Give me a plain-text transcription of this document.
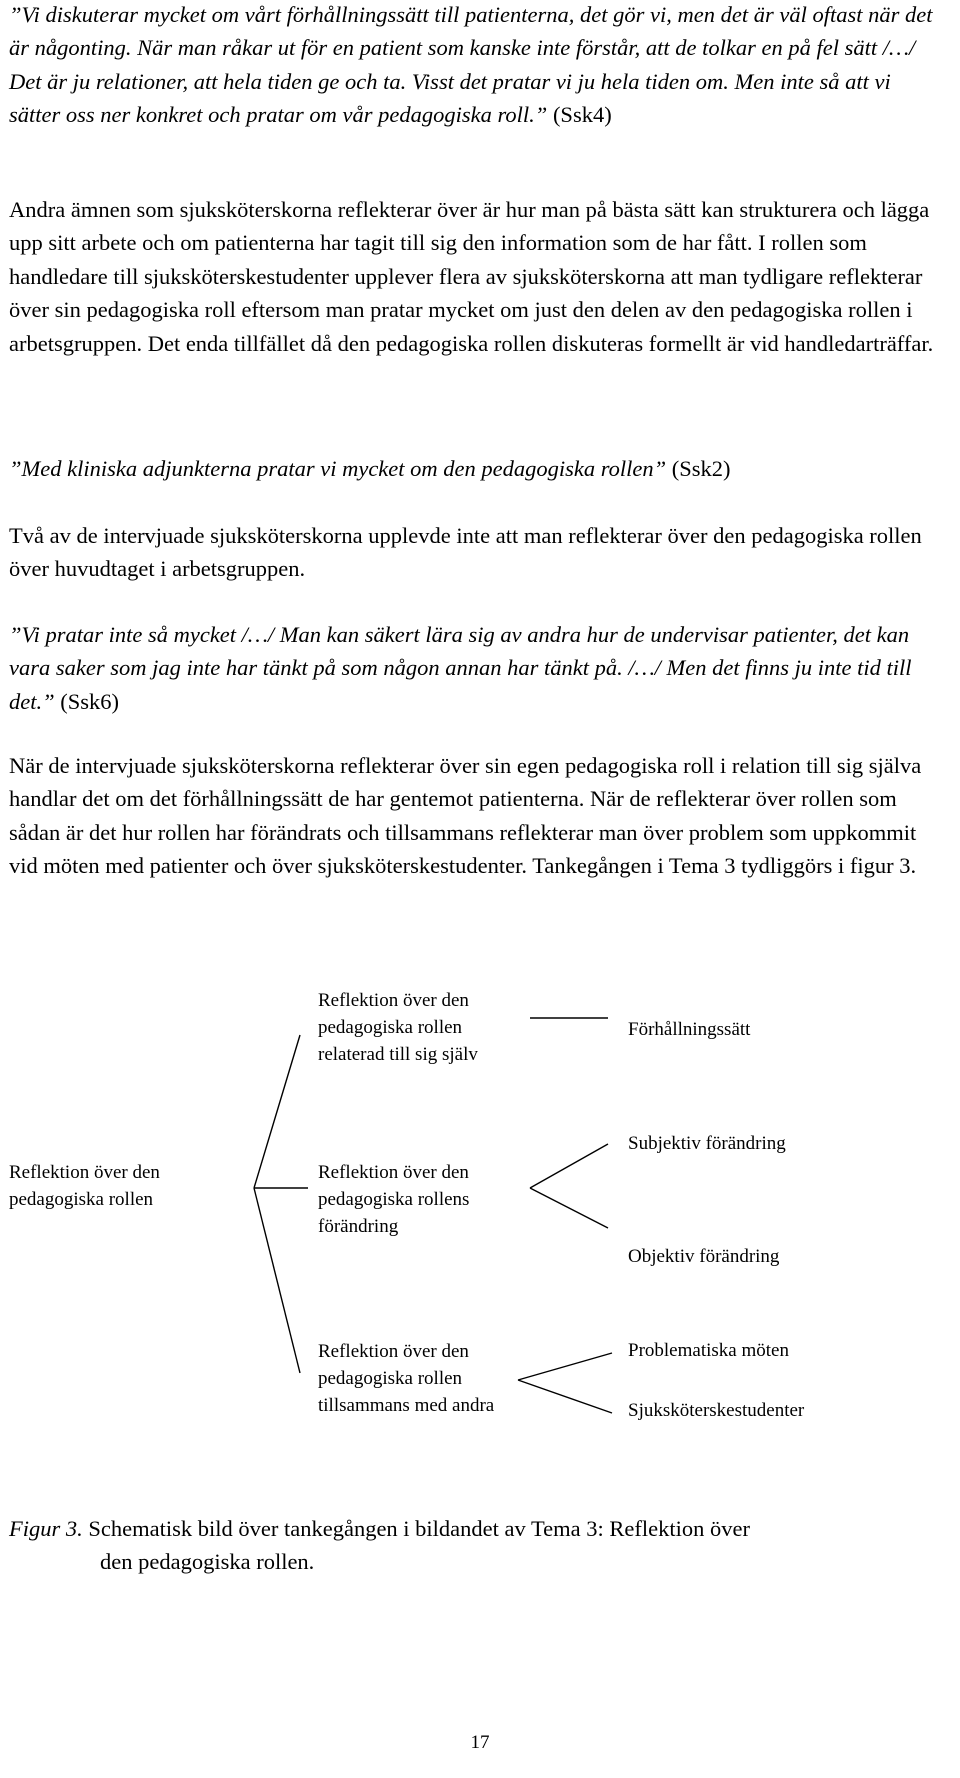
”Vi diskuterar mycket om vårt förhållningssätt till patienterna, det gör vi, men det är väl oftast när det är någonting. När man råkar ut för en patient som kanske inte förstår, att de tolkar en på fel sätt /…/ Det är ju relationer, att hela tiden ge och ta. Visst det pratar vi ju hela tiden om. Men inte så att vi sätter oss ner konkret och pratar om vår pedagogiska roll.” (Ssk4)

Andra ämnen som sjuksköterskorna reflekterar över är hur man på bästa sätt kan strukturera och lägga upp sitt arbete och om patienterna har tagit till sig den information som de har fått. I rollen som handledare till sjuksköterskestudenter upplever flera av sjuksköterskorna att man tydligare reflekterar över sin pedagogiska roll eftersom man pratar mycket om just den delen av den pedagogiska rollen i arbetsgruppen. Det enda tillfället då den pedagogiska rollen diskuteras formellt är vid handledarträffar.

”Med kliniska adjunkterna pratar vi mycket om den pedagogiska rollen” (Ssk2)

Två av de intervjuade sjuksköterskorna upplevde inte att man reflekterar över den pedagogiska rollen över huvudtaget i arbetsgruppen.

”Vi pratar inte så mycket /…/ Man kan säkert lära sig av andra hur de undervisar patienter, det kan vara saker som jag inte har tänkt på som någon annan har tänkt på. /…/ Men det finns ju inte tid till det.” (Ssk6)

När de intervjuade sjuksköterskorna reflekterar över sin egen pedagogiska roll i relation till sig själva handlar det om det förhållningssätt de har gentemot patienterna. När de reflekterar över rollen som sådan är det hur rollen har förändrats och tillsammans reflekterar man över problem som uppkommit vid möten med patienter och över sjuksköterskestudenter. Tankegången i Tema 3 tydliggörs i figur 3.

Reflektion över den pedagogiska rollen
Reflektion över den pedagogiska rollen relaterad till sig själv
Förhållningssätt
Reflektion över den pedagogiska rollens förändring
Subjektiv förändring
Objektiv förändring
Reflektion över den pedagogiska rollen tillsammans med andra
Problematiska möten
Sjuksköterskestudenter
Figur 3. Schematisk bild över tankegången i bildandet av Tema 3: Reflektion över
den pedagogiska rollen.
17
